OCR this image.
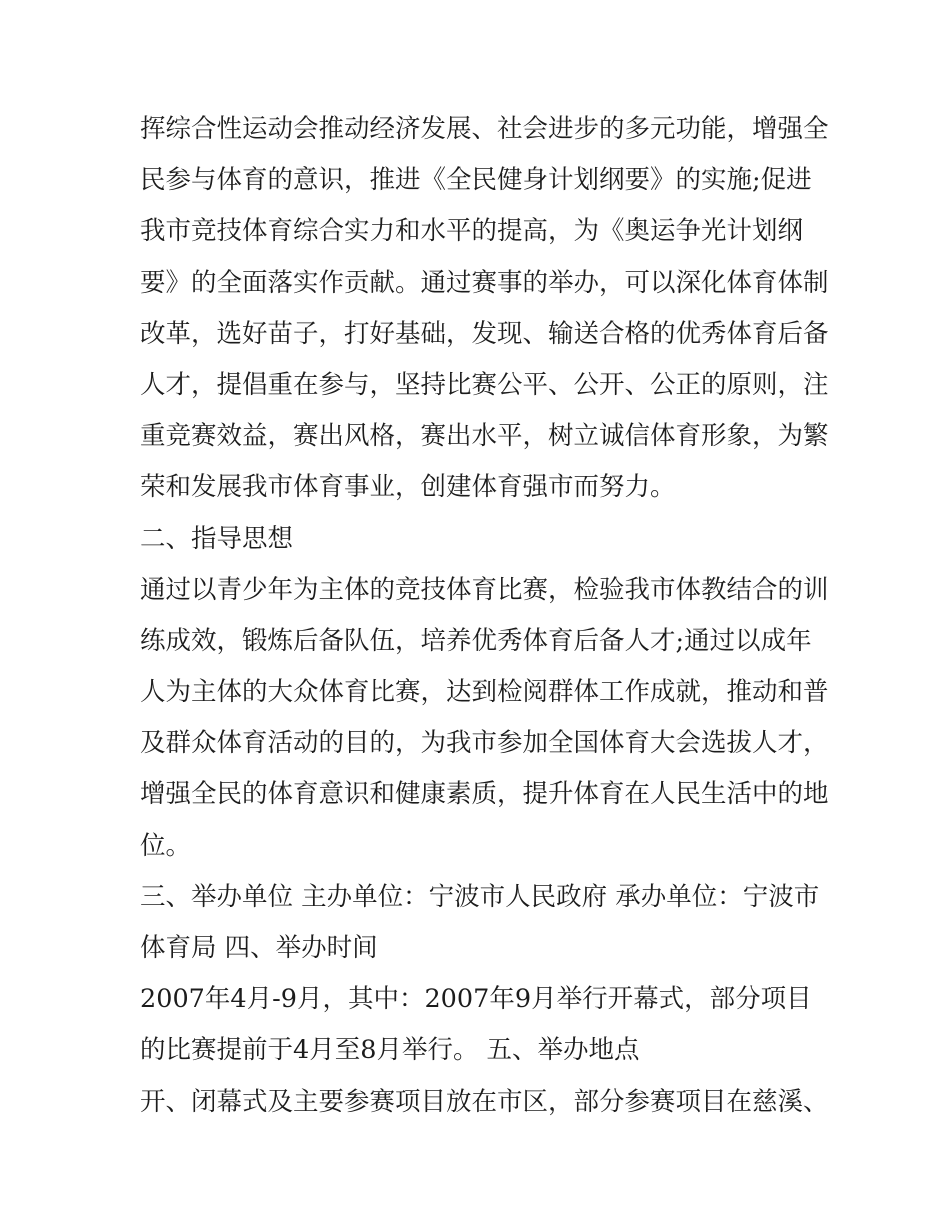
挥综合性运动会推动经济发展、社会进步的多元功能，增强全
民参与体育的意识，推进《全民健身计划纲要》的实施;促进
我市竞技体育综合实力和水平的提高，为《奥运争光计划纲
要》的全面落实作贡献。通过赛事的举办，可以深化体育体制
改革，选好苗子，打好基础，发现、输送合格的优秀体育后备
人才，提倡重在参与，坚持比赛公平、公开、公正的原则，注
重竞赛效益，赛出风格，赛出水平，树立诚信体育形象，为繁
荣和发展我市体育事业，创建体育强市而努力。
二、指导思想
通过以青少年为主体的竞技体育比赛，检验我市体教结合的训
练成效，锻炼后备队伍，培养优秀体育后备人才;通过以成年
人为主体的大众体育比赛，达到检阅群体工作成就，推动和普
及群众体育活动的目的，为我市参加全国体育大会选拔人才，
增强全民的体育意识和健康素质，提升体育在人民生活中的地
位。
三、举办单位 主办单位：宁波市人民政府 承办单位：宁波市
体育局 四、举办时间
2007年4月-9月，其中：2007年9月举行开幕式，部分项目
的比赛提前于4月至8月举行。 五、举办地点
开、闭幕式及主要参赛项目放在市区，部分参赛项目在慈溪、
